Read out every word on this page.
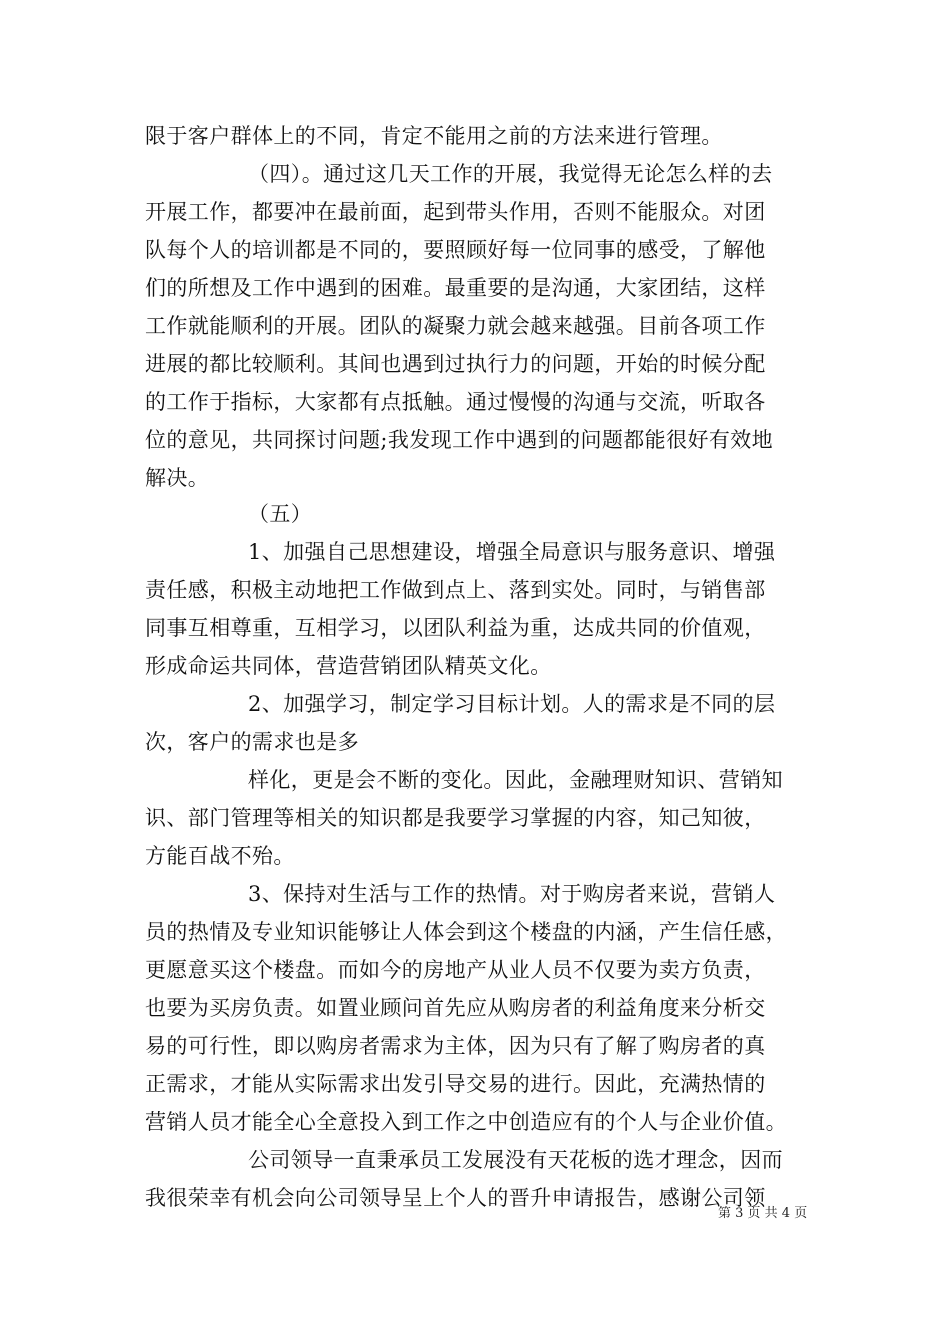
限于客户群体上的不同，肯定不能用之前的方法来进行管理。
（四）。通过这几天工作的开展，我觉得无论怎么样的去
开展工作，都要冲在最前面，起到带头作用，否则不能服众。对团
队每个人的培训都是不同的，要照顾好每一位同事的感受，了解他
们的所想及工作中遇到的困难。最重要的是沟通，大家团结，这样
工作就能顺利的开展。团队的凝聚力就会越来越强。目前各项工作
进展的都比较顺利。其间也遇到过执行力的问题，开始的时候分配
的工作于指标，大家都有点抵触。通过慢慢的沟通与交流，听取各
位的意见，共同探讨问题;我发现工作中遇到的问题都能很好有效地
解决。
（五）
1、加强自己思想建设，增强全局意识与服务意识、增强
责任感，积极主动地把工作做到点上、落到实处。同时，与销售部
同事互相尊重，互相学习，以团队利益为重，达成共同的价值观，
形成命运共同体，营造营销团队精英文化。
2、加强学习，制定学习目标计划。人的需求是不同的层
次，客户的需求也是多
样化，更是会不断的变化。因此，金融理财知识、营销知
识、部门管理等相关的知识都是我要学习掌握的内容，知己知彼，
方能百战不殆。
3、保持对生活与工作的热情。对于购房者来说，营销人
员的热情及专业知识能够让人体会到这个楼盘的内涵，产生信任感，
更愿意买这个楼盘。而如今的房地产从业人员不仅要为卖方负责，
也要为买房负责。如置业顾问首先应从购房者的利益角度来分析交
易的可行性，即以购房者需求为主体，因为只有了解了购房者的真
正需求，才能从实际需求出发引导交易的进行。因此，充满热情的
营销人员才能全心全意投入到工作之中创造应有的个人与企业价值。
公司领导一直秉承员工发展没有天花板的选才理念，因而
我很荣幸有机会向公司领导呈上个人的晋升申请报告，感谢公司领
第 3 页 共 4 页
